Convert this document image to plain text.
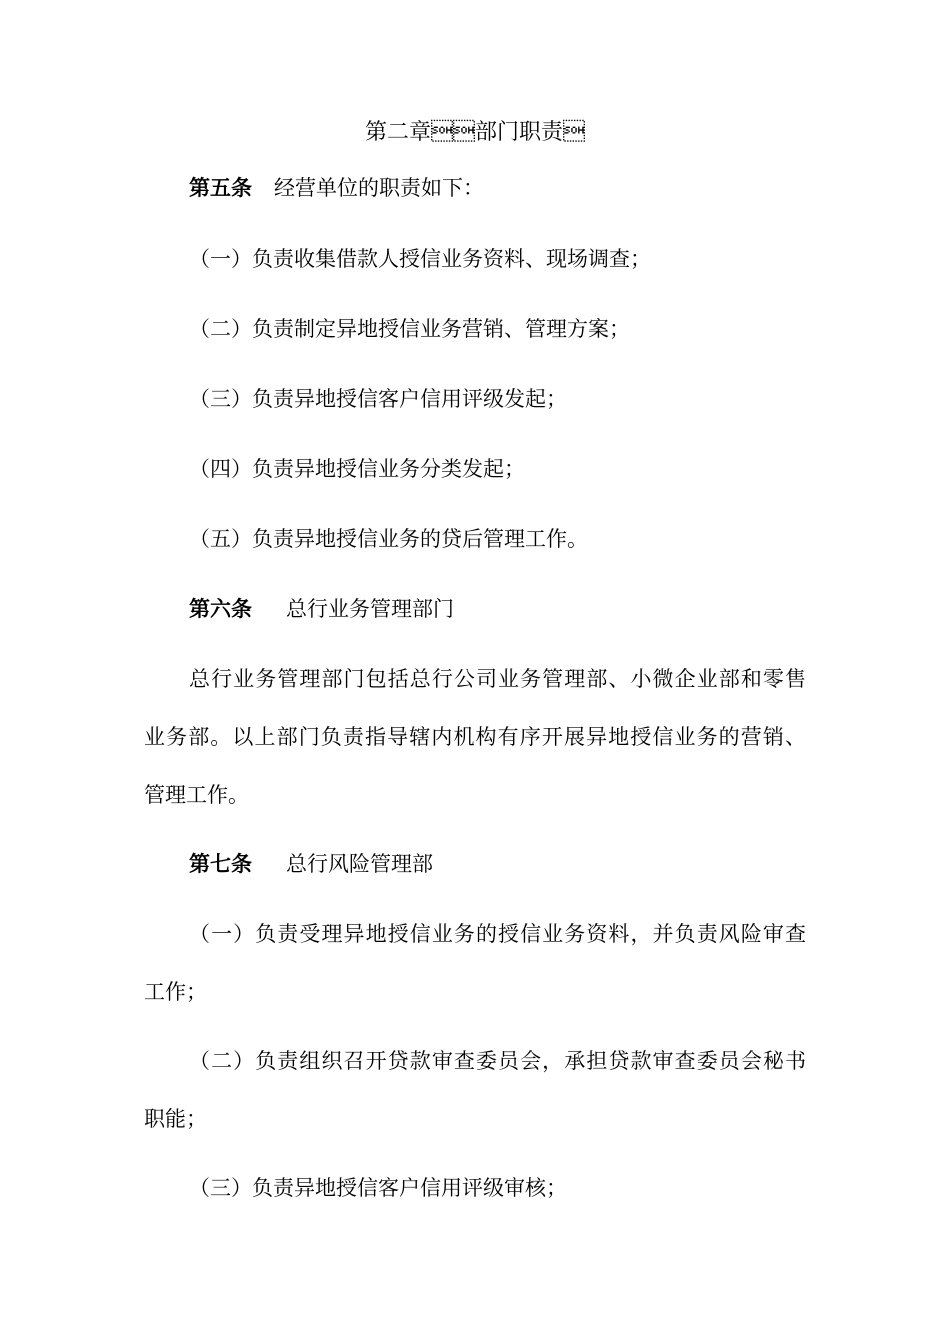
第二章部门职责
第五条 经营单位的职责如下：
（一）负责收集借款人授信业务资料、现场调查；
（二）负责制定异地授信业务营销、管理方案；
（三）负责异地授信客户信用评级发起；
（四）负责异地授信业务分类发起；
（五）负责异地授信业务的贷后管理工作。
第六条 总行业务管理部门
总行业务管理部门包括总行公司业务管理部、小微企业部和零售
业务部。以上部门负责指导辖内机构有序开展异地授信业务的营销、
管理工作。
第七条 总行风险管理部
（一）负责受理异地授信业务的授信业务资料，并负责风险审查
工作；
（二）负责组织召开贷款审查委员会，承担贷款审查委员会秘书
职能；
（三）负责异地授信客户信用评级审核；
